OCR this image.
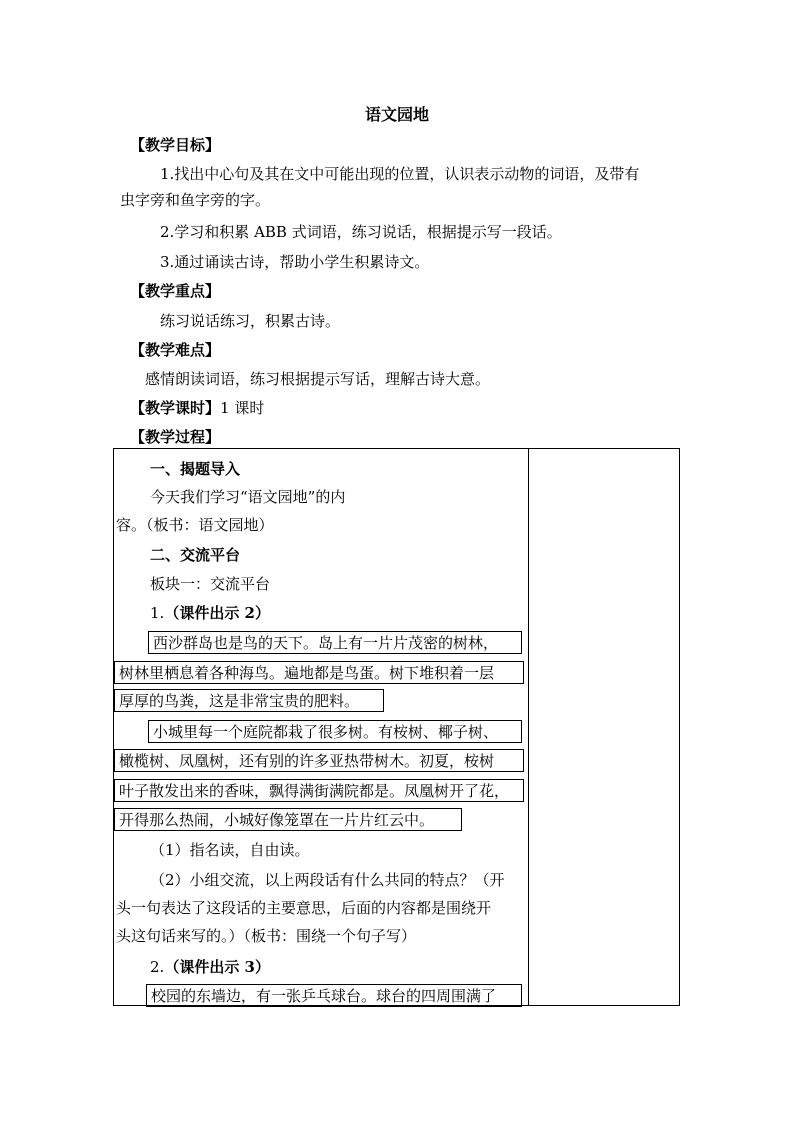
语文园地
【教学目标】
1.找出中心句及其在文中可能出现的位置，认识表示动物的词语，及带有
虫字旁和鱼字旁的字。
2.学习和积累 ABB 式词语，练习说话，根据提示写一段话。
3.通过诵读古诗，帮助小学生积累诗文。
【教学重点】
练习说话练习，积累古诗。
【教学难点】
感情朗读词语，练习根据提示写话，理解古诗大意。
【教学课时】1 课时
【教学过程】
一、揭题导入
今天我们学习“语文园地”的内
容。（板书：语文园地）
二、交流平台
板块一：交流平台
1.（课件出示 2）
西沙群岛也是鸟的天下。岛上有一片片茂密的树林，
树林里栖息着各种海鸟。遍地都是鸟蛋。树下堆积着一层
厚厚的鸟粪，这是非常宝贵的肥料。
小城里每一个庭院都栽了很多树。有桉树、椰子树、
橄榄树、凤凰树，还有别的许多亚热带树木。初夏，桉树
叶子散发出来的香味，飘得满街满院都是。凤凰树开了花，
开得那么热闹，小城好像笼罩在一片片红云中。
（1）指名读，自由读。
（2）小组交流，以上两段话有什么共同的特点？（开
头一句表达了这段话的主要意思，后面的内容都是围绕开
头这句话来写的。）（板书：围绕一个句子写）
2.（课件出示 3）
校园的东墙边，有一张乒乓球台。球台的四周围满了
